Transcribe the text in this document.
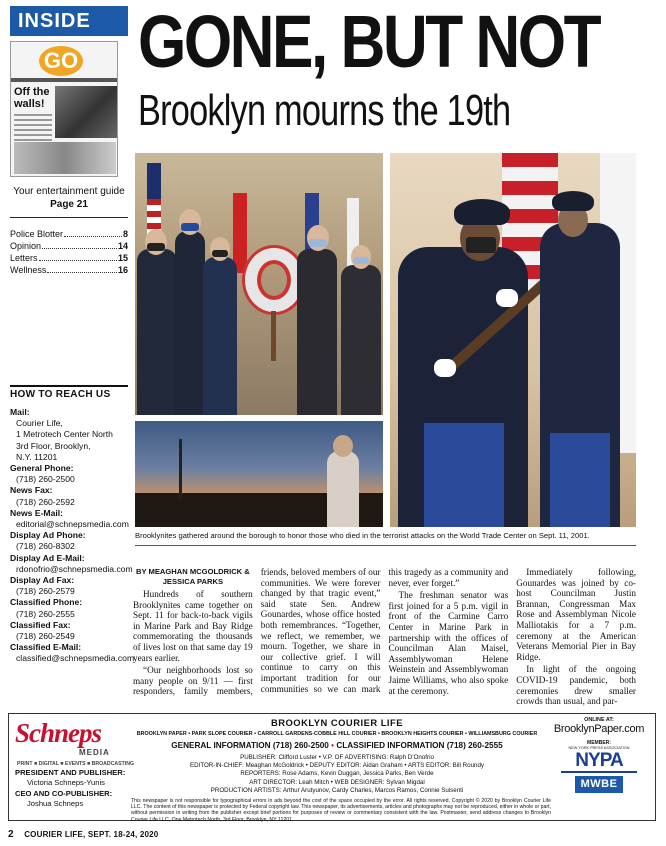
INSIDE
GO
Off the walls!
Your entertainment guide Page 21
Police Blotter	8
Opinion	14
Letters	15
Wellness	16
HOW TO REACH US
Mail:
Courier Life,
1 Metrotech Center North
3rd Floor, Brooklyn,
N.Y. 11201
General Phone:
(718) 260-2500
News Fax:
(718) 260-2592
News E-Mail:
editorial@schnepsmedia.com
Display Ad Phone:
(718) 260-8302
Display Ad E-Mail:
rdonofrio@schnepsmedia.com
Display Ad Fax:
(718) 260-2579
Classified Phone:
(718) 260-2555
Classified Fax:
(718) 260-2549
Classified E-Mail:
classified@schnepsmedia.com
GONE, BUT NOT
Brooklyn mourns the 19th
Brooklynites gathered around the borough to honor those who died in the terrorist attacks on the World Trade Center on Sept. 11, 2001.
BY MEAGHAN MCGOLDRICK & JESSICA PARKS

Hundreds of southern Brooklynites came together on Sept. 11 for back-to-back vigils in Marine Park and Bay Ridge commemorating the thousands of lives lost on that same day 19 years earlier.

“Our neighborhoods lost so many people on 9/11 — first responders, family members, friends, beloved members of our communities. We were forever changed by that tragic event,” said state Sen. Andrew Gounardes, whose office hosted both remembrances. “Together, we reflect, we remember, we mourn. Together, we share in our collective grief. I will continue to carry on this important tradition for our communities so we can mark this tragedy as a community and never, ever forget.”

The freshman senator was first joined for a 5 p.m. vigil in front of the Carmine Carro Center in Marine Park in partnership with the offices of Councilman Alan Maisel, Assemblywoman Helene Weinstein and Assemblywoman Jaime Williams, who also spoke at the ceremony.

Immediately following, Gounardes was joined by co-host Councilman Justin Brannan, Congressman Max Rose and Assemblyman Nicole Malliotakis for a 7 p.m. ceremony at the American Veterans Memorial Pier in Bay Ridge.

In light of the ongoing COVID-19 pandemic, both ceremonies drew smaller crowds than usual, and par-

Schneps
MEDIA
PRINT ■ DIGITAL ■ EVENTS ■ BROADCASTING
PRESIDENT AND PUBLISHER:
Victoria Schneps-Yunis
CEO AND CO-PUBLISHER:
Joshua Schneps
BROOKLYN COURIER LIFE
BROOKLYN PAPER • PARK SLOPE COURIER • CARROLL GARDENS-COBBLE HILL COURIER • BROOKLYN HEIGHTS COURIER • WILLIAMSBURG COURIER
GENERAL INFORMATION (718) 260-2500 • CLASSIFIED INFORMATION (718) 260-2555
PUBLISHER: Clifford Luster • V.P. OF ADVERTISING: Ralph D’Onofrio
EDITOR-IN-CHIEF: Meaghan McGoldrick • DEPUTY EDITOR: Aidan Graham • ARTS EDITOR: Bill Roundy
REPORTERS: Rose Adams, Kevin Duggan, Jessica Parks, Ben Verde
ART DIRECTOR: Leah Mitch • WEB DESIGNER: Sylvan Migdal
PRODUCTION ARTISTS: Arthur Arutyunov, Cardy Charles, Marcos Ramos, Connie Suisenti
This newspaper is not responsible for typographical errors in ads beyond the cost of the space occupied by the error. All rights reserved, Copyright © 2020 by Brooklyn Courier Life LLC. The content of this newspaper is protected by Federal copyright law. This newspaper, its advertisements, articles and photographs may not be reproduced, either in whole or part, without permission in writing from the publisher except brief portions for purposes of review or commentary consistent with the law. Postmaster, send address changes to Brooklyn Courier Life LLC, One Metrotech North, 3rd Floor, Brooklyn, NY 11201.
ONLINE AT:
BrooklynPaper.com
MEMBER:
NEW YORK PRESS ASSOCIATION
NYPA
MWBE
2 COURIER LIFE, SEPT. 18-24, 2020
